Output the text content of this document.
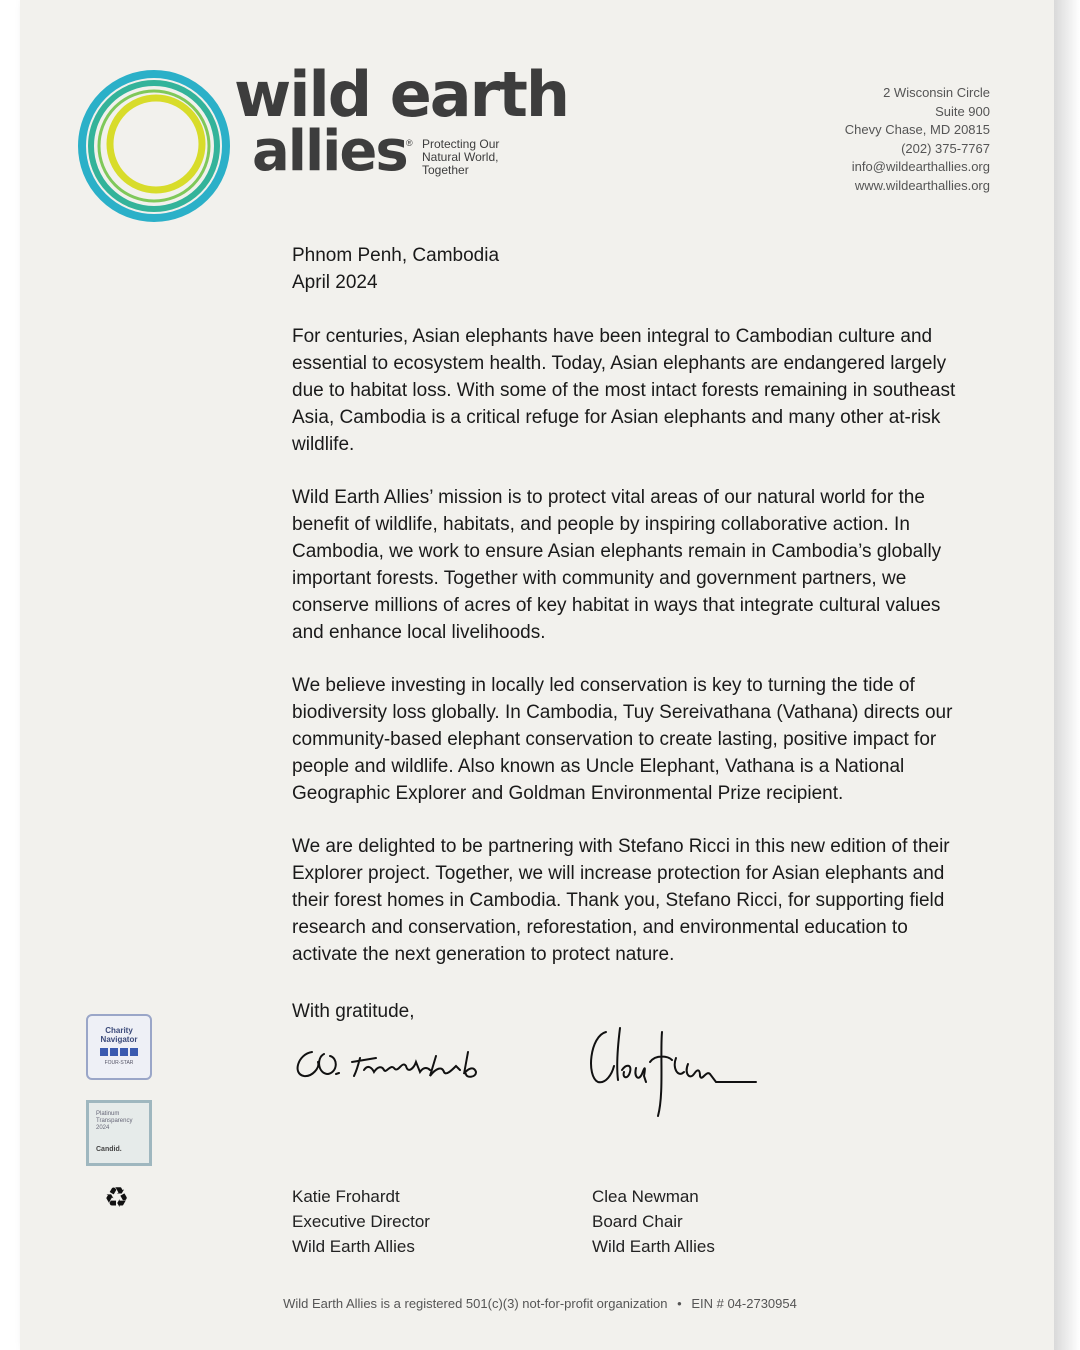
wild earth
allies ® Protecting Our
Natural World,
Together
2 Wisconsin Circle
Suite 900
Chevy Chase, MD 20815
(202) 375-7767
info@wildearthallies.org
www.wildearthallies.org

Phnom Penh, Cambodia

April 2024

For centuries, Asian elephants have been integral to Cambodian culture and essential to ecosystem health. Today, Asian elephants are endangered largely due to habitat loss. With some of the most intact forests remaining in southeast Asia, Cambodia is a critical refuge for Asian elephants and many other at-risk wildlife.

Wild Earth Allies’ mission is to protect vital areas of our natural world for the benefit of wildlife, habitats, and people by inspiring collaborative action. In Cambodia, we work to ensure Asian elephants remain in Cambodia’s globally important forests. Together with community and government partners, we conserve millions of acres of key habitat in ways that integrate cultural values and enhance local livelihoods.

We believe investing in locally led conservation is key to turning the tide of biodiversity loss globally. In Cambodia, Tuy Sereivathana (Vathana) directs our community-based elephant conservation to create lasting, positive impact for people and wildlife. Also known as Uncle Elephant, Vathana is a National Geographic Explorer and Goldman Environmental Prize recipient.

We are delighted to be partnering with Stefano Ricci in this new edition of their Explorer project. Together, we will increase protection for Asian elephants and their forest homes in Cambodia. Thank you, Stefano Ricci, for supporting field research and conservation, reforestation, and environmental education to activate the next generation to protect nature.

With gratitude,
Katie Frohardt
Executive Director
Wild Earth Allies
Clea Newman
Board Chair
Wild Earth Allies
Charity
Navigator
FOUR-STAR
Platinum
Transparency
2024
Candid.
♻
Wild Earth Allies is a registered 501(c)(3) not-for-profit organization • EIN # 04-2730954
